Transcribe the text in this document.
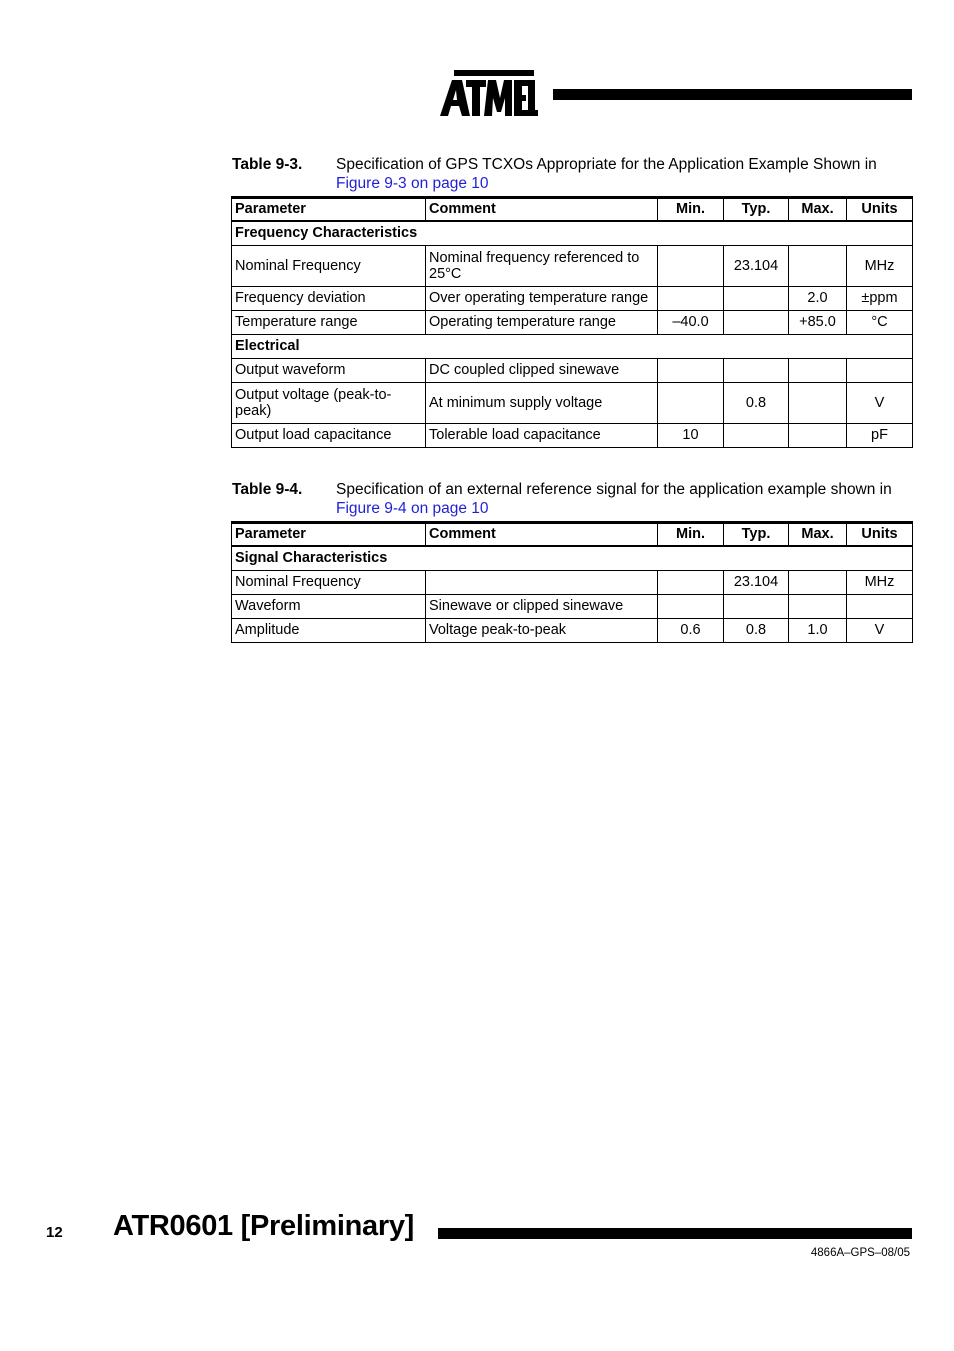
®
Table 9-3. Specification of GPS TCXOs Appropriate for the Application Example Shown in
Figure 9-3 on page 10
Parameter	Comment	Min.	Typ.	Max.	Units
Frequency Characteristics					
Nominal Frequency	Nominal frequency referenced to 25°C		23.104		MHz
Frequency deviation	Over operating temperature range			2.0	±ppm
Temperature range	Operating temperature range	–40.0		+85.0	°C
Electrical					
Output waveform	DC coupled clipped sinewave				
Output voltage (peak-to-peak)	At minimum supply voltage		0.8		V
Output load capacitance	Tolerable load capacitance	10			pF
Table 9-4. Specification of an external reference signal for the application example shown in
Figure 9-4 on page 10
Parameter	Comment	Min.	Typ.	Max.	Units
Signal Characteristics					
Nominal Frequency			23.104		MHz
Waveform	Sinewave or clipped sinewave				
Amplitude	Voltage peak-to-peak	0.6	0.8	1.0	V
12 ATR0601 [Preliminary]
4866A–GPS–08/05
